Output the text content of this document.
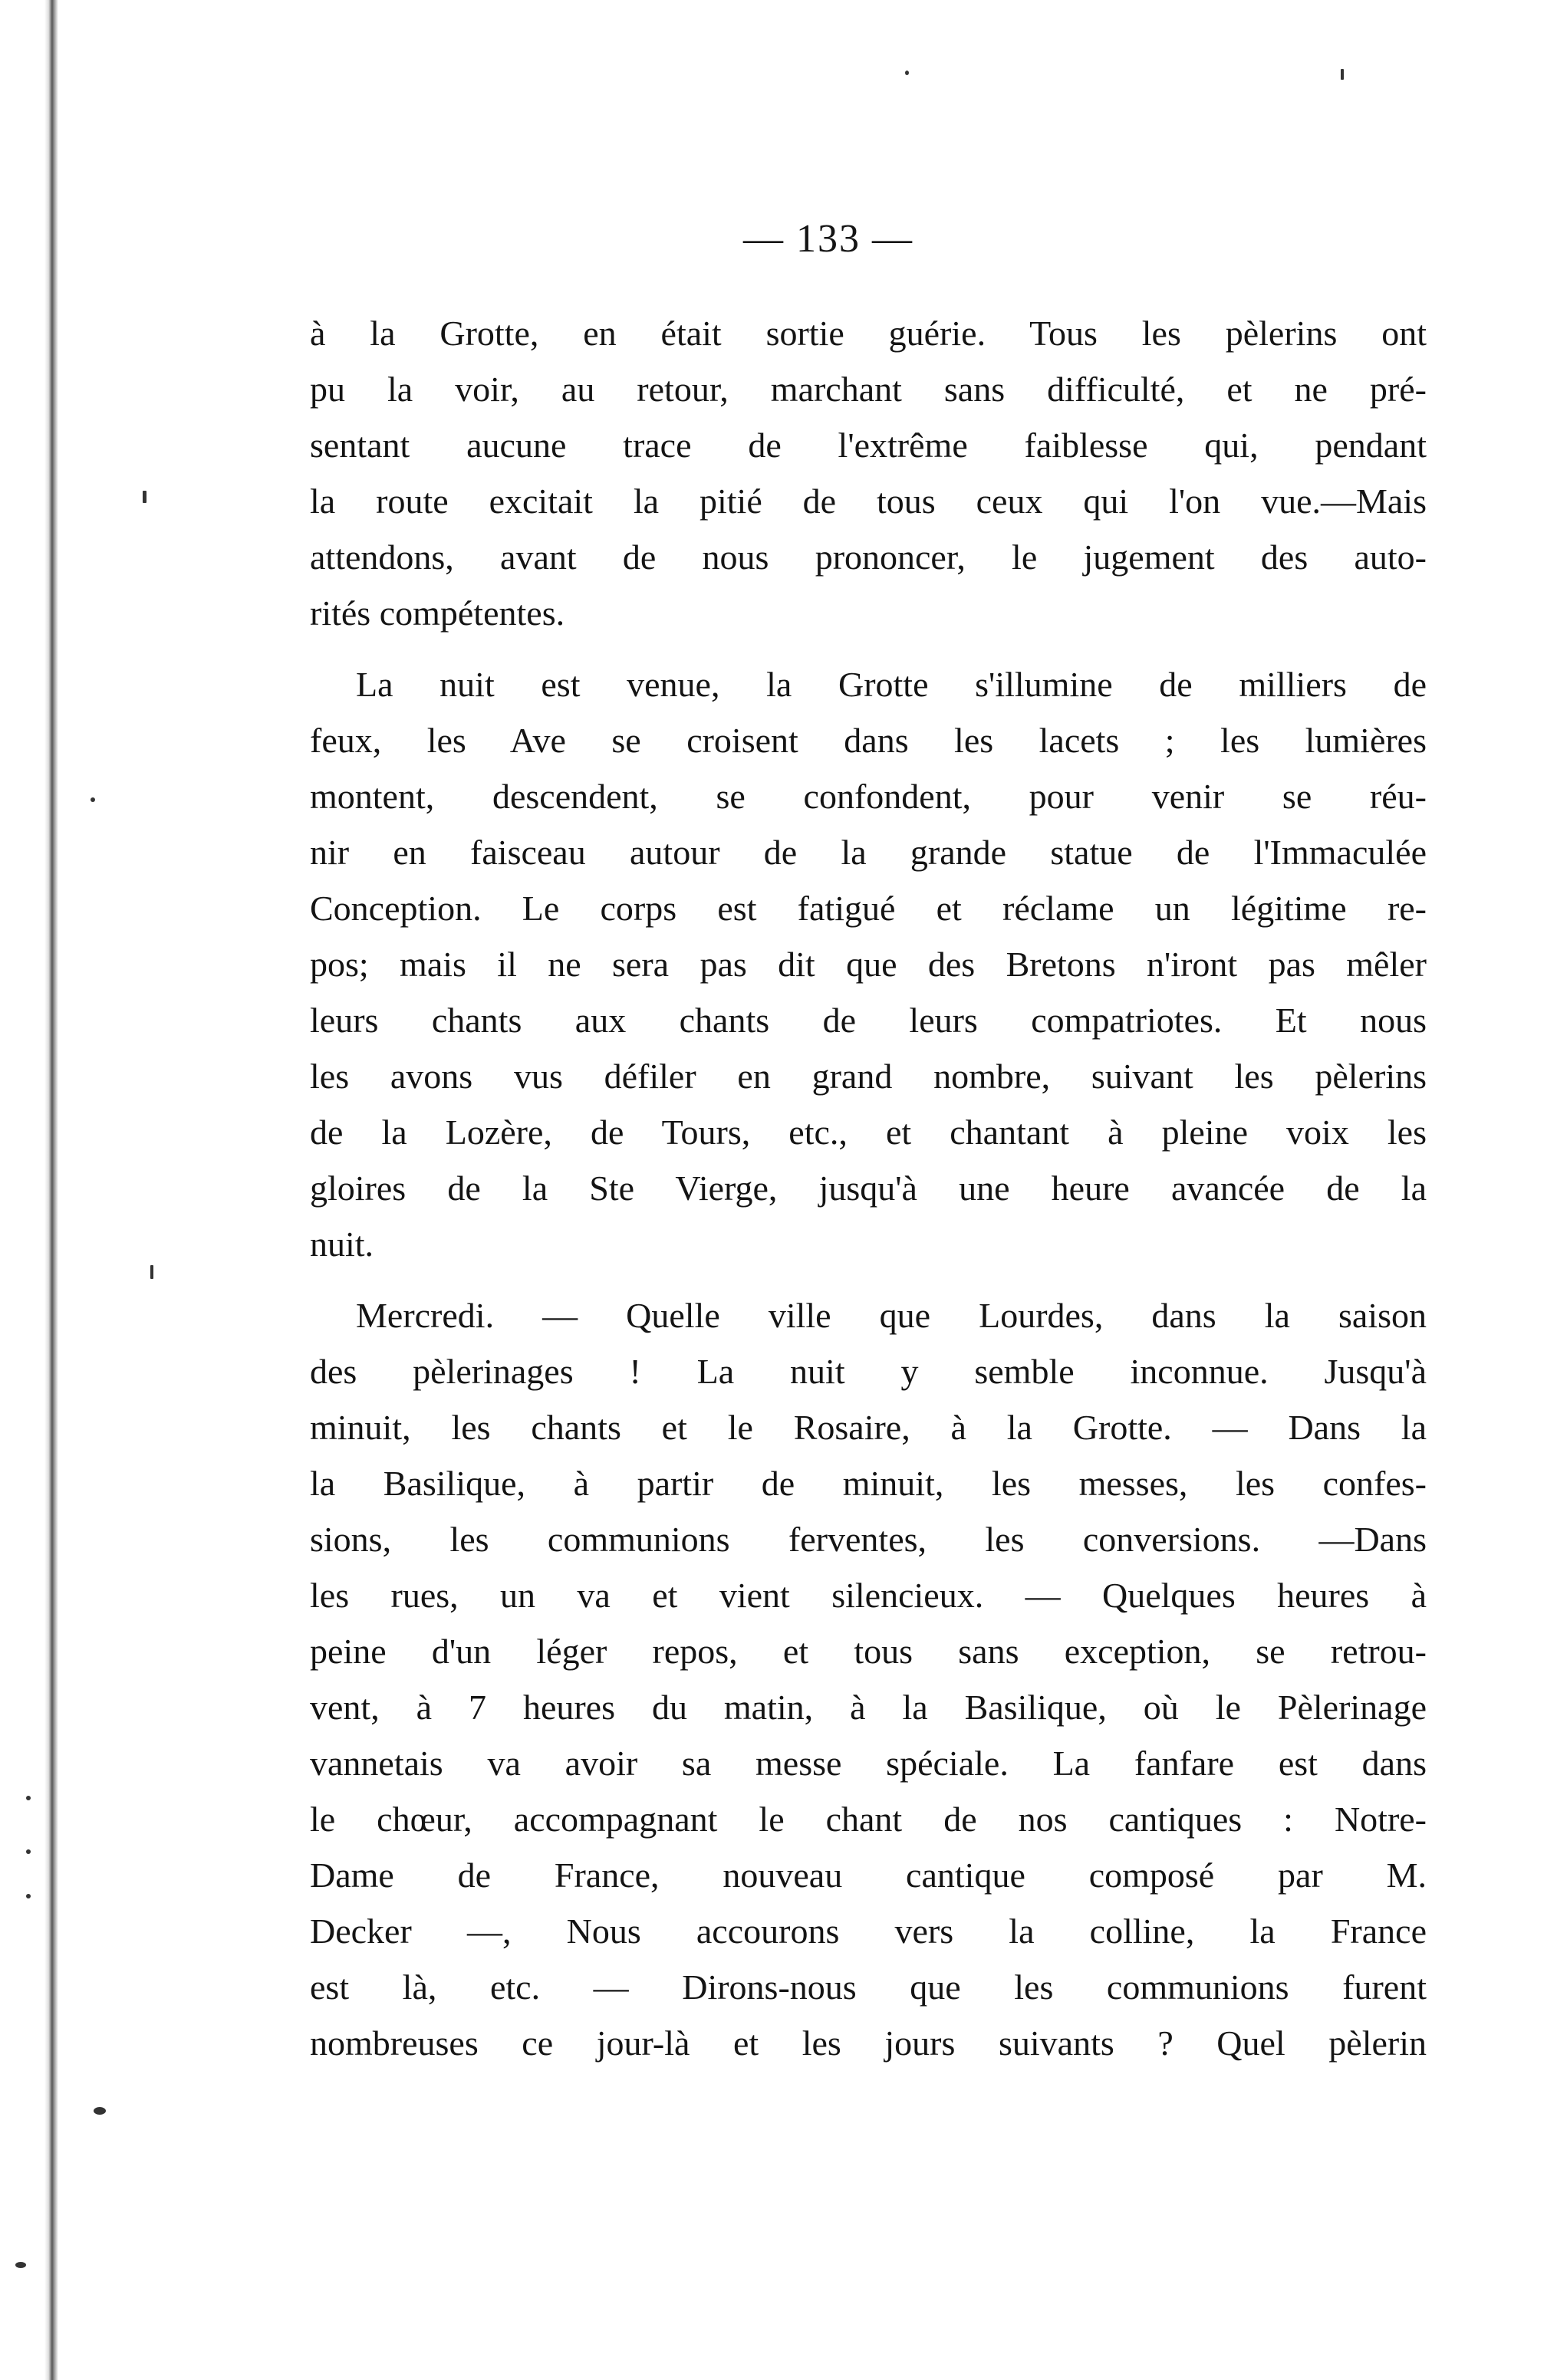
— 133 —
à la Grotte, en était sortie guérie. Tous les pèlerins ont
pu la voir, au retour, marchant sans difficulté, et ne pré-
sentant aucune trace de l'extrême faiblesse qui, pendant
la route excitait la pitié de tous ceux qui l'on vue.—Mais
attendons, avant de nous prononcer, le jugement des auto-
rités compétentes.
La nuit est venue, la Grotte s'illumine de milliers de
feux, les Ave se croisent dans les lacets ; les lumières
montent, descendent, se confondent, pour venir se réu-
nir en faisceau autour de la grande statue de l'Immaculée
Conception. Le corps est fatigué et réclame un légitime re-
pos; mais il ne sera pas dit que des Bretons n'iront pas mêler
leurs chants aux chants de leurs compatriotes. Et nous
les avons vus défiler en grand nombre, suivant les pèlerins
de la Lozère, de Tours, etc., et chantant à pleine voix les
gloires de la Ste Vierge, jusqu'à une heure avancée de la
nuit.
Mercredi. — Quelle ville que Lourdes, dans la saison
des pèlerinages ! La nuit y semble inconnue. Jusqu'à
minuit, les chants et le Rosaire, à la Grotte. — Dans la
la Basilique, à partir de minuit, les messes, les confes-
sions, les communions ferventes, les conversions. —Dans
les rues, un va et vient silencieux. — Quelques heures à
peine d'un léger repos, et tous sans exception, se retrou-
vent, à 7 heures du matin, à la Basilique, où le Pèlerinage
vannetais va avoir sa messe spéciale. La fanfare est dans
le chœur, accompagnant le chant de nos cantiques : Notre-
Dame de France, nouveau cantique composé par M.
Decker —, Nous accourons vers la colline, la France
est là, etc. — Dirons-nous que les communions furent
nombreuses ce jour-là et les jours suivants ? Quel pèlerin
